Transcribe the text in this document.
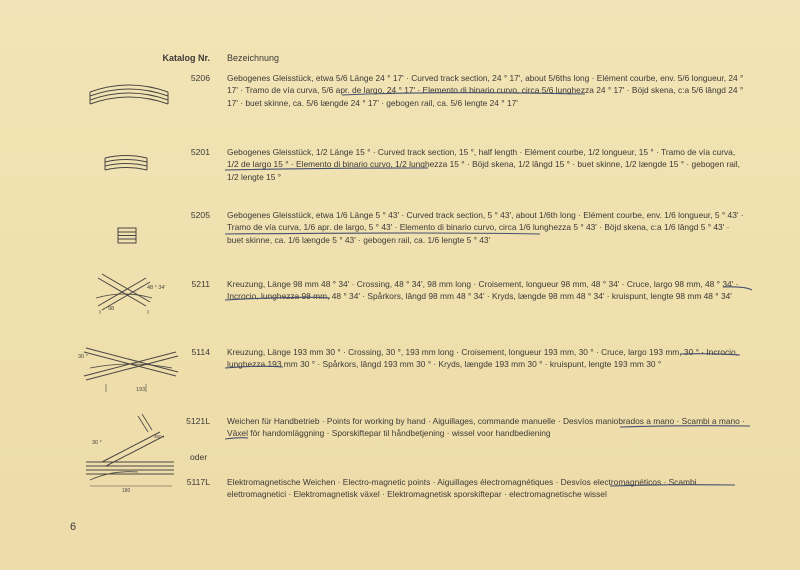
Katalog Nr. Bezeichnung
5206 Gebogenes Gleisstück, etwa 5/6 Länge 24 ° 17' · Curved track section, 24 ° 17', about 5/6ths long · Elément courbe, env. 5/6 longueur, 24 ° 17' · Tramo de vía curva, 5/6 apr. de largo, 24 ° 17' · Elemento di binario curvo, circa 5/6 lunghezza 24 ° 17' · Böjd skena, c:a 5/6 lângd 24 ° 17' · buet skinne, ca. 5/6 længde 24 ° 17' · gebogen rail, ca. 5/6 lengte 24 ° 17'
5201 Gebogenes Gleisstück, 1/2 Länge 15 ° · Curved track section, 15 °, half length · Elément courbe, 1/2 longueur, 15 ° · Tramo de vía curva, 1/2 de largo 15 ° · Elemento di binario curvo, 1/2 lunghezza 15 ° · Böjd skena, 1/2 lângd 15 ° · buet skinne, 1/2 længde 15 ° · gebogen rail, 1/2 lengte 15 °
5205 Gebogenes Gleisstück, etwa 1/6 Länge 5 ° 43' · Curved track section, 5 ° 43', about 1/6th long · Elément courbe, env. 1/6 longueur, 5 ° 43' · Tramo de vía curva, 1/6 apr. de largo, 5 ° 43' · Elemento di binario curvo, circa 1/6 lunghezza 5 ° 43' · Böjd skena, c:a 1/6 lângd 5 ° 43' · buet skinne, ca. 1/6 længde 5 ° 43' · gebogen rail, ca. 1/6 lengte 5 ° 43'
48 ° 34'
98
5211 Kreuzung, Länge 98 mm 48 ° 34' · Crossing, 48 ° 34', 98 mm long · Croisement, longueur 98 mm, 48 ° 34' · Cruce, largo 98 mm, 48 ° 34' · Incrocio, lunghezza 98 mm, 48 ° 34' · Spårkors, lângd 98 mm 48 ° 34' · Kryds, længde 98 mm 48 ° 34' · kruispunt, lengte 98 mm 48 ° 34'
30 °
193
5114 Kreuzung, Länge 193 mm 30 ° · Crossing, 30 °, 193 mm long · Croisement, longueur 193 mm, 30 ° · Cruce, largo 193 mm, 30 ° · Incrocio, lunghezza 193 mm 30 ° · Spårkors, lângd 193 mm 30 ° · Kryds, længde 193 mm 30 ° · kruispunt, lengte 193 mm 30 °
30 °
360 r
180
5121L Weichen für Handbetrieb · Points for working by hand · Aiguillages, commande manuelle · Desvíos maniobrados a mano · Scambi a mano · Växel för handomläggning · Sporskiftepar til håndbetjening · wissel voor handbediening
oder
5117L Elektromagnetische Weichen · Electro-magnetic points · Aiguillages électromagnétiques · Desvíos electromagnéticos · Scambi elettromagnetici · Elektromagnetisk växel · Elektromagnetisk sporskiftepar · electromagnetische wissel
6
